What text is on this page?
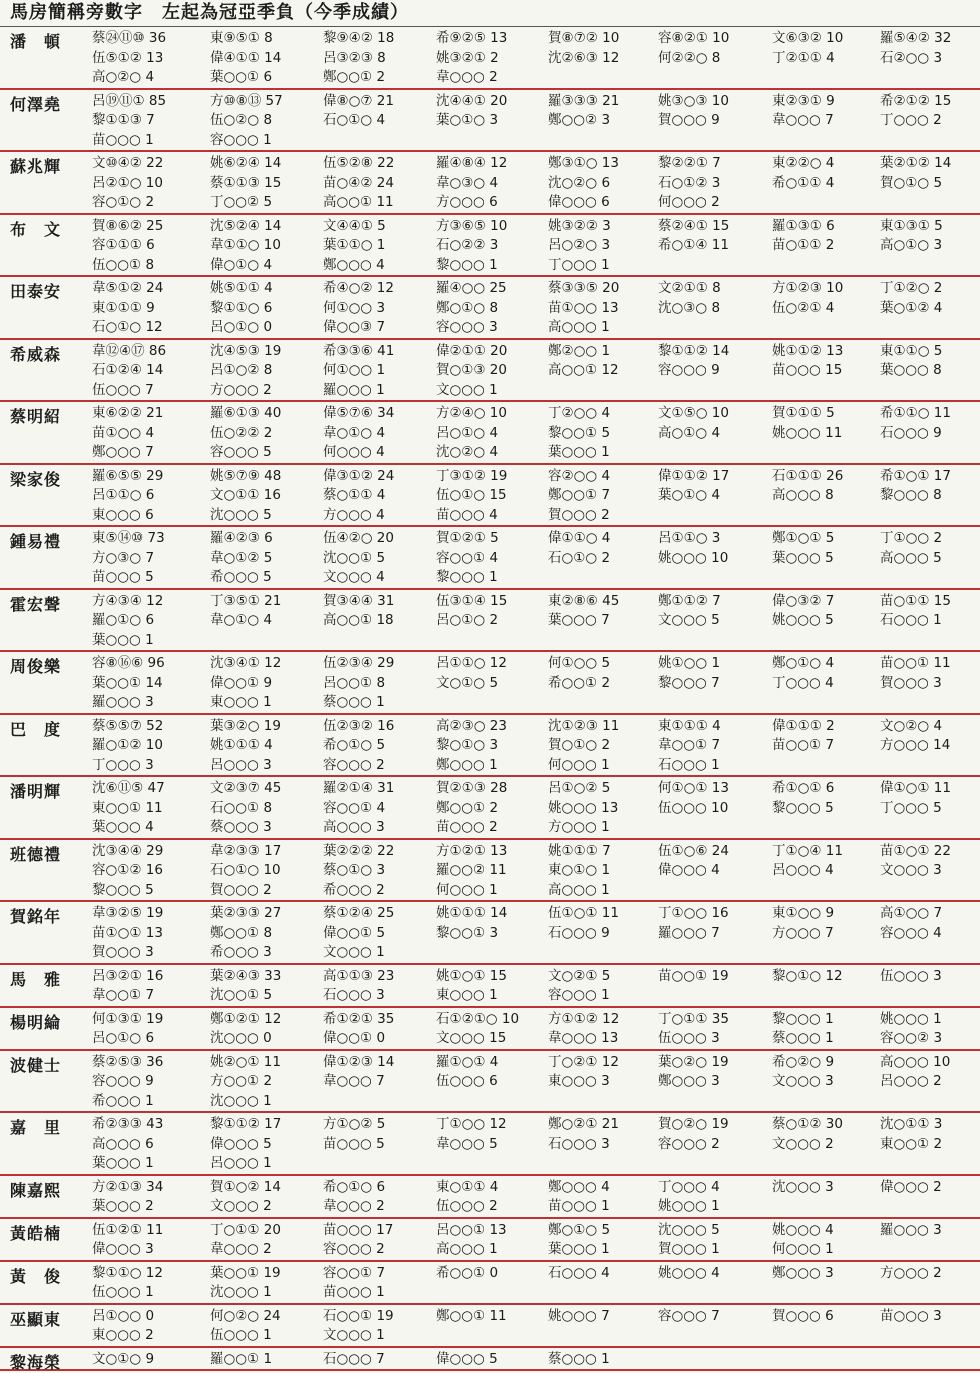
馬房簡稱旁數字　左起為冠亞季負（今季成績）
潘　頓 蔡㉔⑪⑩ 36	東⑨⑤① 8	黎⑨④② 18	希⑨②⑤ 13	賀⑧⑦② 10	容⑧②① 10	文⑥③② 10	羅⑤④② 32
伍⑤①② 13	偉④①① 14	呂③②③ 8	姚③②① 2	沈②⑥③ 12	何②②○ 8	丁②①① 4	石②○○ 3
高○②○ 4	葉○○① 6	鄭○○① 2	韋○○○ 2
何澤堯 呂⑲⑪① 85	方⑩⑧⑬ 57	偉⑧○⑦ 21	沈④④① 20	羅③③③ 21	姚③○③ 10	東②③① 9	希②①② 15
黎①①③ 7	伍○②○ 8	石○①○ 4	葉○①○ 3	鄭○○② 3	賀○○○ 9	韋○○○ 7	丁○○○ 2
苗○○○ 1	容○○○ 1
蘇兆輝 文⑩④② 22	姚⑥②④ 14	伍⑤②⑧ 22	羅④⑧④ 12	鄭③①○ 13	黎②②① 7	東②②○ 4	葉②①② 14
呂②①○ 10	蔡①①③ 15	苗○④② 24	韋○③○ 4	沈○②○ 6	石○①② 3	希○①① 4	賀○①○ 5
容○①○ 2	丁○○② 5	高○○① 11	方○○○ 6	偉○○○ 6	何○○○ 2
布　文 賀⑧⑥② 25	沈⑤②④ 14	文④④① 5	方③⑥⑤ 10	姚③②② 3	蔡②④① 15	羅①③① 6	東①③① 5
容①①① 6	韋①①○ 10	葉①①○ 1	石○②② 3	呂○②○ 3	希○①④ 11	苗○①① 2	高○①○ 3
伍○○① 8	偉○①○ 4	鄭○○○ 4	黎○○○ 1	丁○○○ 1
田泰安 韋⑤①② 24	姚⑤①① 4	希④○② 12	羅④○○ 25	蔡③③⑤ 20	文②①① 8	方①②③ 10	丁①②○ 2
東①①① 9	黎①①○ 6	何①○○ 3	鄭○①○ 8	苗①○○ 13	沈○③○ 8	伍○②① 4	葉○①② 4
石○①○ 12	呂○①○ 0	偉○○③ 7	容○○○ 3	高○○○ 1
希威森 韋⑫④⑰ 86	沈④⑤③ 19	希③③⑥ 41	偉②①① 20	鄭②○○ 1	黎①①② 14	姚①①② 13	東①①○ 5
石①②④ 14	呂①○② 8	何①○○ 1	賀○①③ 20	高○○① 12	容○○○ 9	苗○○○ 15	葉○○○ 8
伍○○○ 7	方○○○ 2	羅○○○ 1	文○○○ 1
蔡明紹 東⑥②② 21	羅⑥①③ 40	偉⑤⑦⑥ 34	方②④○ 10	丁②○○ 4	文①⑤○ 10	賀①①① 5	希①①○ 11
苗①○○ 4	伍○②② 2	韋○①○ 4	呂○①○ 4	黎○○① 5	高○①○ 4	姚○○○ 11	石○○○ 9
鄭○○○ 7	容○○○ 5	何○○○ 4	沈○②○ 4	葉○○○ 1
梁家俊 羅⑥⑤⑤ 29	姚⑤⑦⑨ 48	偉③①② 24	丁③①② 19	容②○○ 4	偉①①② 17	石①①① 26	希①○① 17
呂①①○ 6	文○①① 16	蔡○①① 4	伍○①○ 15	鄭○○① 7	葉○①○ 4	高○○○ 8	黎○○○ 8
東○○○ 6	沈○○○ 5	方○○○ 4	苗○○○ 4	賀○○○ 2
鍾易禮 東⑤⑭⑩ 73	羅④②③ 6	伍④②○ 20	賀①②① 5	偉①①○ 4	呂①①○ 3	鄭①○① 5	丁①○○ 2
方○③○ 7	韋○①② 5	沈○○① 5	容○○① 4	石○①○ 2	姚○○○ 10	葉○○○ 5	高○○○ 5
苗○○○ 5	希○○○ 5	文○○○ 4	黎○○○ 1
霍宏聲 方④③④ 12	丁③⑤① 21	賀③④④ 31	伍③①④ 15	東②⑧⑥ 45	鄭①①② 7	偉○③② 7	苗○①① 15
羅○①○ 6	韋○①○ 4	高○○① 18	呂○①○ 2	葉○○○ 7	文○○○ 5	姚○○○ 5	石○○○ 1
葉○○○ 1
周俊樂 容⑧⑯⑥ 96	沈③④① 12	伍②③④ 29	呂①①○ 12	何①○○ 5	姚①○○ 1	鄭○①○ 4	苗○○① 11
葉○○① 14	偉○○① 9	呂○○① 8	文○①○ 5	希○○① 2	黎○○○ 7	丁○○○ 4	賀○○○ 3
羅○○○ 3	東○○○ 1	蔡○○○ 1
巴　度 蔡⑤⑤⑦ 52	葉③②○ 19	伍②③② 16	高②③○ 23	沈①②③ 11	東①①① 4	偉①①① 2	文○②○ 4
羅○①② 10	姚①①① 4	希○①○ 5	黎○①○ 3	賀○①○ 2	韋○○① 7	苗○○① 7	方○○○ 14
丁○○○ 3	呂○○○ 3	容○○○ 2	鄭○○○ 1	何○○○ 1	石○○○ 1
潘明輝 沈⑥⑪⑤ 47	文②③⑦ 45	羅②①④ 31	賀②①③ 28	呂①○② 5	何①○① 13	希①○① 6	偉①○① 11
東○○① 11	石○○① 8	容○○① 4	鄭○○① 2	姚○○○ 13	伍○○○ 10	黎○○○ 5	丁○○○ 5
葉○○○ 4	蔡○○○ 3	高○○○ 3	苗○○○ 2	方○○○ 1
班德禮 沈③④④ 29	韋②③③ 17	葉②②② 22	方①②① 13	姚①①① 7	伍①○⑥ 24	丁①○④ 11	苗①○① 22
容○①② 16	石○①○ 10	蔡○①○ 3	羅○○② 11	東○①○ 1	偉○○○ 4	呂○○○ 4	文○○○ 3
黎○○○ 5	賀○○○ 2	希○○○ 2	何○○○ 1	高○○○ 1
賀銘年 韋③②⑤ 19	葉②③③ 27	蔡①②④ 25	姚①①① 14	伍①○① 11	丁①○○ 16	東①○○ 9	高①○○ 7
苗①○① 13	鄭○○① 8	偉○○① 5	黎○○① 3	石○○○ 9	羅○○○ 7	方○○○ 7	容○○○ 4
賀○○○ 3	希○○○ 3	文○○○ 1
馬　雅 呂③②① 16	葉②④③ 33	高①①③ 23	姚①○① 15	文○②① 5	苗○○① 19	黎○①○ 12	伍○○○ 3
韋○○① 7	沈○○① 5	石○○○ 3	東○○○ 1	容○○○ 1
楊明綸 何①③① 19	鄭①②① 12	希①②① 35	石①②①○ 10 方①①② 12	丁○①① 35	黎○○○ 1	姚○○○ 1
呂○①○ 6	沈○○○ 0	偉○○① 0	文○○○ 15	韋○○○ 13	伍○○○ 3	蔡○○○ 1	容○○② 3
波健士 蔡②⑤③ 36	姚②○① 11	偉①②③ 14	羅①○① 4	丁○②① 12	葉○②○ 19	希○②○ 9	高○○○ 10
容○○○ 9	方○○① 2	韋○○○ 7	伍○○○ 6	東○○○ 3	鄭○○○ 3	文○○○ 3	呂○○○ 2
希○○○ 1	沈○○○ 1
嘉　里 希②③③ 43	黎①①② 17	方①○② 5	丁①○○ 12	鄭○②① 21	賀○②○ 19	蔡○①② 30	沈○①① 3
高○○○ 6	偉○○○ 5	苗○○○ 5	韋○○○ 5	石○○○ 3	容○○○ 2	文○○○ 2	東○○① 2
葉○○○ 1	呂○○○ 1
陳嘉熙 方②①③ 34	賀①○② 14	希○①○ 6	東○①① 4	鄭○○○ 4	丁○○○ 4	沈○○○ 3	偉○○○ 2
葉○○○ 2	文○○○ 2	韋○○○ 2	伍○○○ 2	苗○○○ 1	姚○○○ 1
黃皓楠 伍①②① 11	丁○①① 20	苗○○○ 17	呂○○① 13	鄭○①○ 5	沈○○○ 5	姚○○○ 4	羅○○○ 3
偉○○○ 3	韋○○○ 2	容○○○ 2	高○○○ 1	葉○○○ 1	賀○○○ 1	何○○○ 1
黃　俊 黎①①○ 12	葉○○① 19	容○○① 7	希○○① 0	石○○○ 4	姚○○○ 4	鄭○○○ 3	方○○○ 2
伍○○○ 1	沈○○○ 1	苗○○○ 1
巫顯東 呂①○○ 0	何○②○ 24	石○○① 19	鄭○○① 11	姚○○○ 7	容○○○ 7	賀○○○ 6	苗○○○ 3
東○○○ 2	伍○○○ 1	文○○○ 1
黎海榮 文○①○ 9	羅○○① 1	石○○○ 7	偉○○○ 5	蔡○○○ 1
